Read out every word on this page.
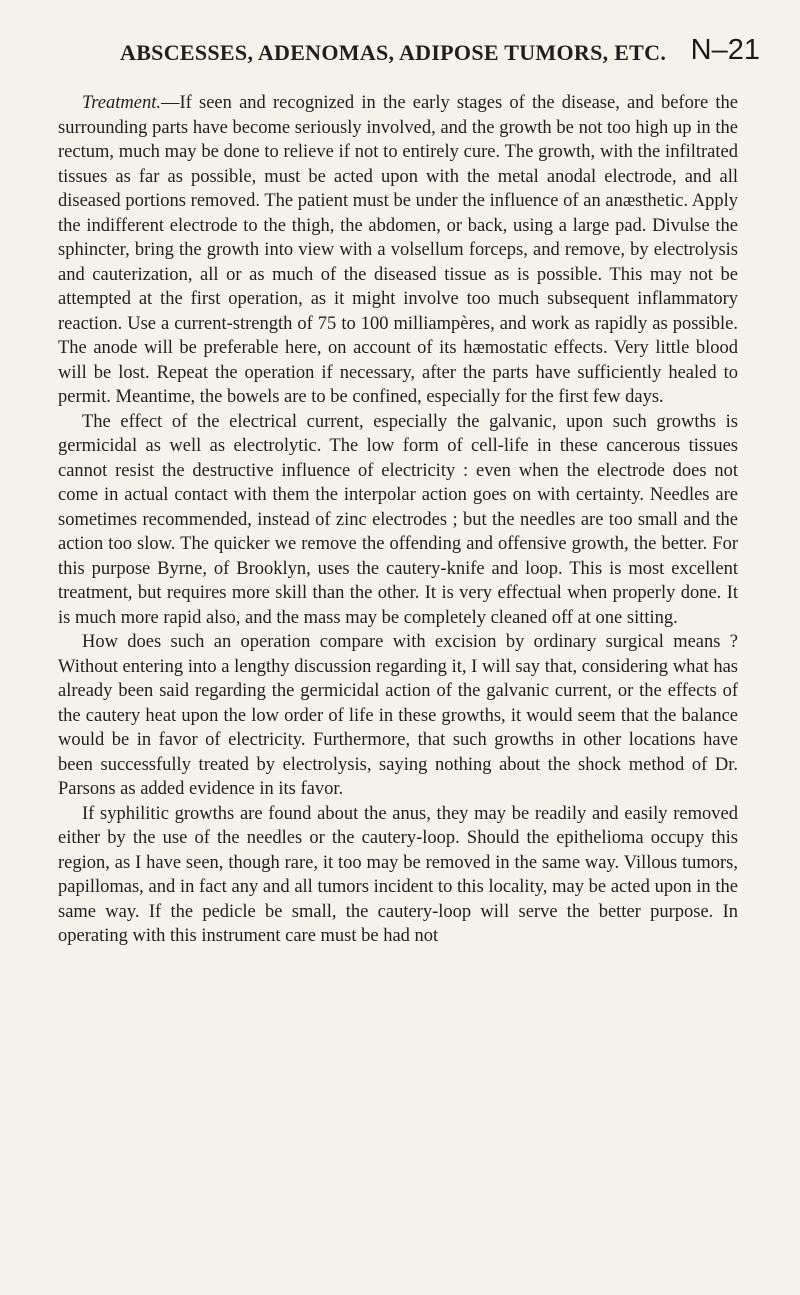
ABSCESSES, ADENOMAS, ADIPOSE TUMORS, ETC. N–21

Treatment.—If seen and recognized in the early stages of the disease, and before the surrounding parts have become seriously involved, and the growth be not too high up in the rectum, much may be done to relieve if not to entirely cure. The growth, with the infiltrated tissues as far as possible, must be acted upon with the metal anodal electrode, and all diseased portions removed. The patient must be under the influence of an anæsthetic. Apply the indifferent electrode to the thigh, the abdomen, or back, using a large pad. Divulse the sphincter, bring the growth into view with a volsellum forceps, and remove, by electrolysis and cauterization, all or as much of the diseased tissue as is possible. This may not be attempted at the first operation, as it might involve too much subsequent inflammatory reaction. Use a current-strength of 75 to 100 milliampères, and work as rapidly as possible. The anode will be preferable here, on account of its hæmostatic effects. Very little blood will be lost. Repeat the operation if necessary, after the parts have sufficiently healed to permit. Meantime, the bowels are to be confined, especially for the first few days.

The effect of the electrical current, especially the galvanic, upon such growths is germicidal as well as electrolytic. The low form of cell-life in these cancerous tissues cannot resist the destructive influence of electricity : even when the electrode does not come in actual contact with them the interpolar action goes on with certainty. Needles are sometimes recommended, instead of zinc electrodes ; but the needles are too small and the action too slow. The quicker we remove the offending and offensive growth, the better. For this purpose Byrne, of Brooklyn, uses the cautery-knife and loop. This is most excellent treatment, but requires more skill than the other. It is very effectual when properly done. It is much more rapid also, and the mass may be completely cleaned off at one sitting.

How does such an operation compare with excision by ordinary surgical means ? Without entering into a lengthy discussion regarding it, I will say that, considering what has already been said regarding the germicidal action of the galvanic current, or the effects of the cautery heat upon the low order of life in these growths, it would seem that the balance would be in favor of electricity. Furthermore, that such growths in other locations have been successfully treated by electrolysis, saying nothing about the shock method of Dr. Parsons as added evidence in its favor.

If syphilitic growths are found about the anus, they may be readily and easily removed either by the use of the needles or the cautery-loop. Should the epithelioma occupy this region, as I have seen, though rare, it too may be removed in the same way. Villous tumors, papillomas, and in fact any and all tumors incident to this locality, may be acted upon in the same way. If the pedicle be small, the cautery-loop will serve the better purpose. In operating with this instrument care must be had not
